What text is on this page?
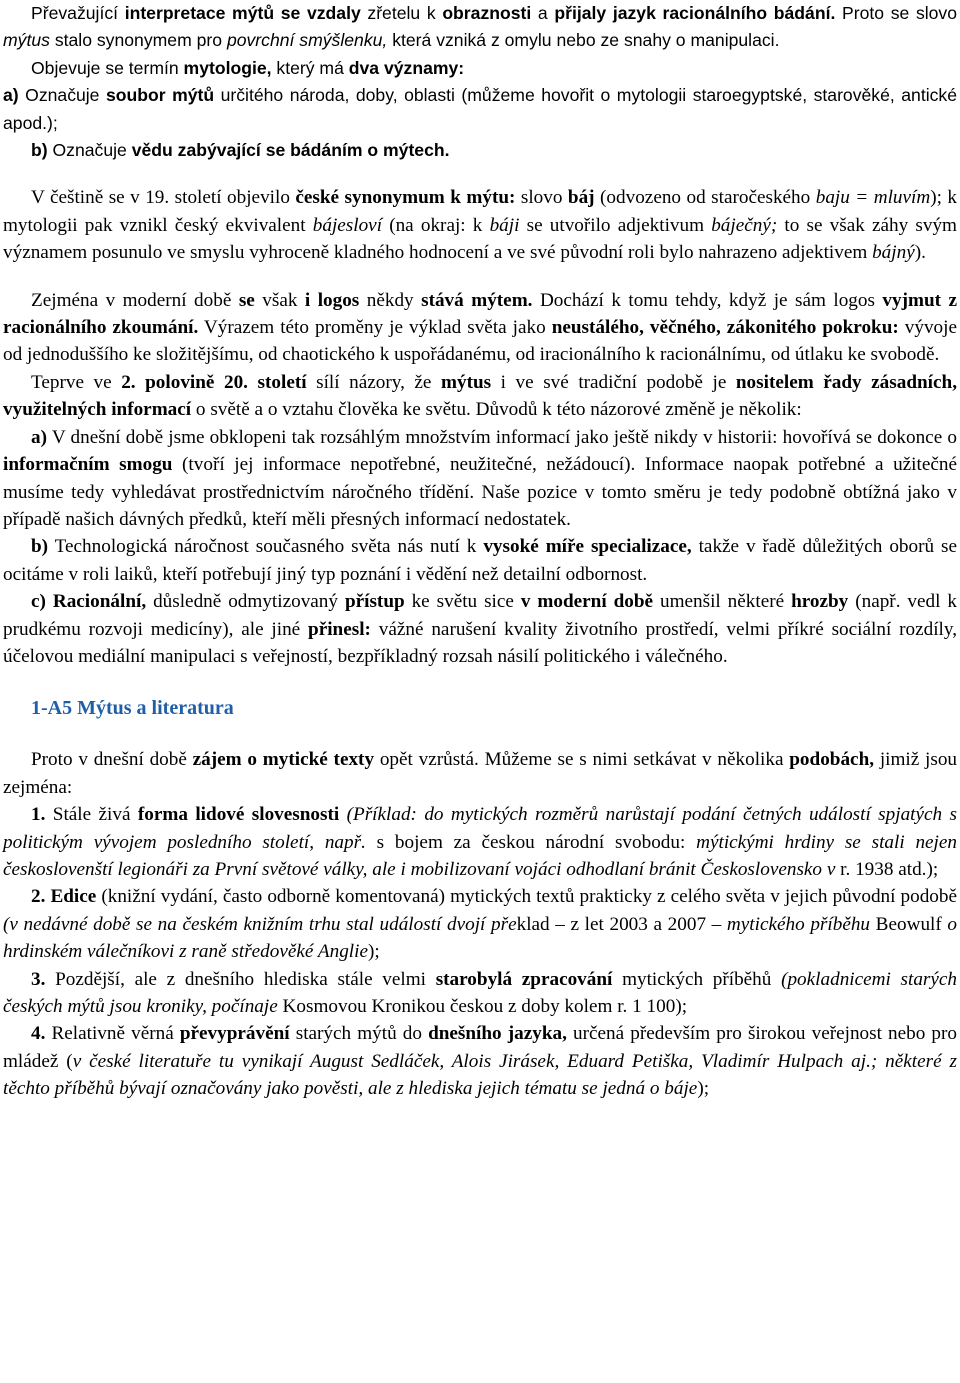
Převažující interpretace mýtů se vzdaly zřetelu k obraznosti a přijaly jazyk racionálního bádání. Proto se slovo mýtus stalo synonymem pro povrchní smýšlenku, která vzniká z omylu nebo ze snahy o manipulaci.

Objevuje se termín mytologie, který má dva významy:

a) Označuje soubor mýtů určitého národa, doby, oblasti (můžeme hovořit o mytologii staroegyptské, starověké, antické apod.);

b) Označuje vědu zabývající se bádáním o mýtech.

V češtině se v 19. století objevilo české synonymum k mýtu: slovo báj (odvozeno od staročeského baju = mluvím); k mytologii pak vznikl český ekvivalent bájesloví (na okraj: k báji se utvořilo adjektivum báječný; to se však záhy svým významem posunulo ve smyslu vyhroceně kladného hodnocení a ve své původní roli bylo nahrazeno adjektivem bájný).

Zejména v moderní době se však i logos někdy stává mýtem. Dochází k tomu tehdy, když je sám logos vyjmut z racionálního zkoumání. Výrazem této proměny je výklad světa jako neustálého, věčného, zákonitého pokroku: vývoje od jednoduššího ke složitějšímu, od chaotického k uspořádanému, od iracionálního k racionálnímu, od útlaku ke svobodě.

Teprve ve 2. polovině 20. století sílí názory, že mýtus i ve své tradiční podobě je nositelem řady zásadních, využitelných informací o světě a o vztahu člověka ke světu. Důvodů k této názorové změně je několik:

a) V dnešní době jsme obklopeni tak rozsáhlým množstvím informací jako ještě nikdy v historii: hovořívá se dokonce o informačním smogu (tvoří jej informace nepotřebné, neužitečné, nežádoucí). Informace naopak potřebné a užitečné musíme tedy vyhledávat prostřednictvím náročného třídění. Naše pozice v tomto směru je tedy podobně obtížná jako v případě našich dávných předků, kteří měli přesných informací nedostatek.

b) Technologická náročnost současného světa nás nutí k vysoké míře specializace, takže v řadě důležitých oborů se ocitáme v roli laiků, kteří potřebují jiný typ poznání i vědění než detailní odbornost.

c) Racionální, důsledně odmytizovaný přístup ke světu sice v moderní době umenšil některé hrozby (např. vedl k prudkému rozvoji medicíny), ale jiné přinesl: vážné narušení kvality životního prostředí, velmi příkré sociální rozdíly, účelovou mediální manipulaci s veřejností, bezpříkladný rozsah násilí politického i válečného.

1-A5 Mýtus a literatura

Proto v dnešní době zájem o mytické texty opět vzrůstá. Můžeme se s nimi setkávat v několika podobách, jimiž jsou zejména:

1. Stále živá forma lidové slovesnosti (Příklad: do mytických rozměrů narůstají podání četných událostí spjatých s politickým vývojem posledního století, např. s bojem za českou národní svobodu: mýtickými hrdiny se stali nejen českoslovenští legionáři za První světové války, ale i mobilizovaní vojáci odhodlaní bránit Československo v r. 1938 atd.);

2. Edice (knižní vydání, často odborně komentovaná) mytických textů prakticky z celého světa v jejich původní podobě (v nedávné době se na českém knižním trhu stal událostí dvojí překlad – z let 2003 a 2007 – mytického příběhu Beowulf o hrdinském válečníkovi z raně středověké Anglie);

3. Pozdější, ale z dnešního hlediska stále velmi starobylá zpracování mytických příběhů (pokladnicemi starých českých mýtů jsou kroniky, počínaje Kosmovou Kronikou českou z doby kolem r. 1 100);

4. Relativně věrná převyprávění starých mýtů do dnešního jazyka, určená především pro širokou veřejnost nebo pro mládež (v české literatuře tu vynikají August Sedláček, Alois Jirásek, Eduard Petiška, Vladimír Hulpach aj.; některé z těchto příběhů bývají označovány jako pověsti, ale z hlediska jejich tématu se jedná o báje);
